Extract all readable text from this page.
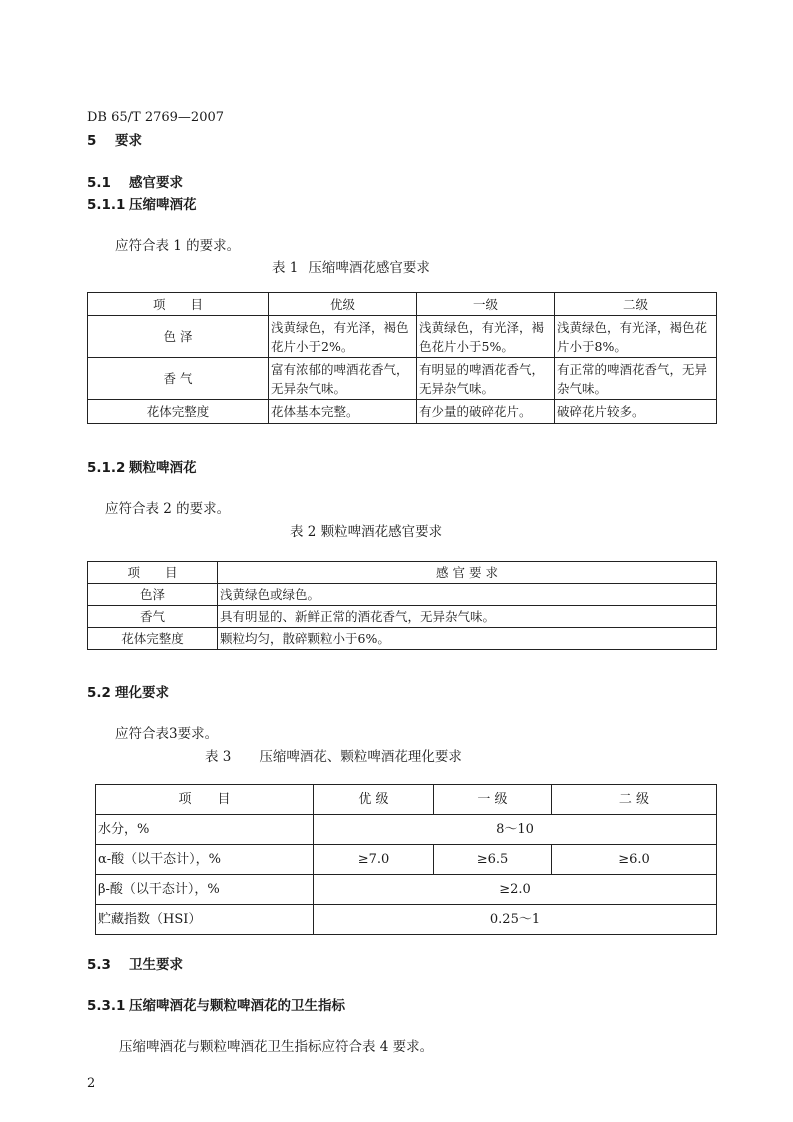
DB 65/T 2769—2007
5 要求
5.1 感官要求
5.1.1 压缩啤酒花
应符合表 1 的要求。
表 1 压缩啤酒花感官要求
项　　目	优级	一级	二级
色 泽	浅黄绿色，有光泽，褐色花片小于2%。	浅黄绿色，有光泽，褐色花片小于5%。	浅黄绿色，有光泽，褐色花片小于8%。
香 气	富有浓郁的啤酒花香气，无异杂气味。	有明显的啤酒花香气，无异杂气味。	有正常的啤酒花香气，无异杂气味。
花体完整度	花体基本完整。	有少量的破碎花片。	破碎花片较多。
5.1.2 颗粒啤酒花
应符合表 2 的要求。
表 2 颗粒啤酒花感官要求
项　　目	感 官 要 求
色泽	浅黄绿色或绿色。
香气	具有明显的、新鲜正常的酒花香气，无异杂气味。
花体完整度	颗粒均匀，散碎颗粒小于6%。
5.2 理化要求
应符合表3要求。
表 3 压缩啤酒花、颗粒啤酒花理化要求
项　　目	优 级	一 级	二 级
水分，%	8～10		
α-酸（以干态计），%	≥7.0	≥6.5	≥6.0
β-酸（以干态计），%	≥2.0		
贮藏指数（HSI）	0.25～1		
5.3 卫生要求
5.3.1 压缩啤酒花与颗粒啤酒花的卫生指标
压缩啤酒花与颗粒啤酒花卫生指标应符合表 4 要求。
2
